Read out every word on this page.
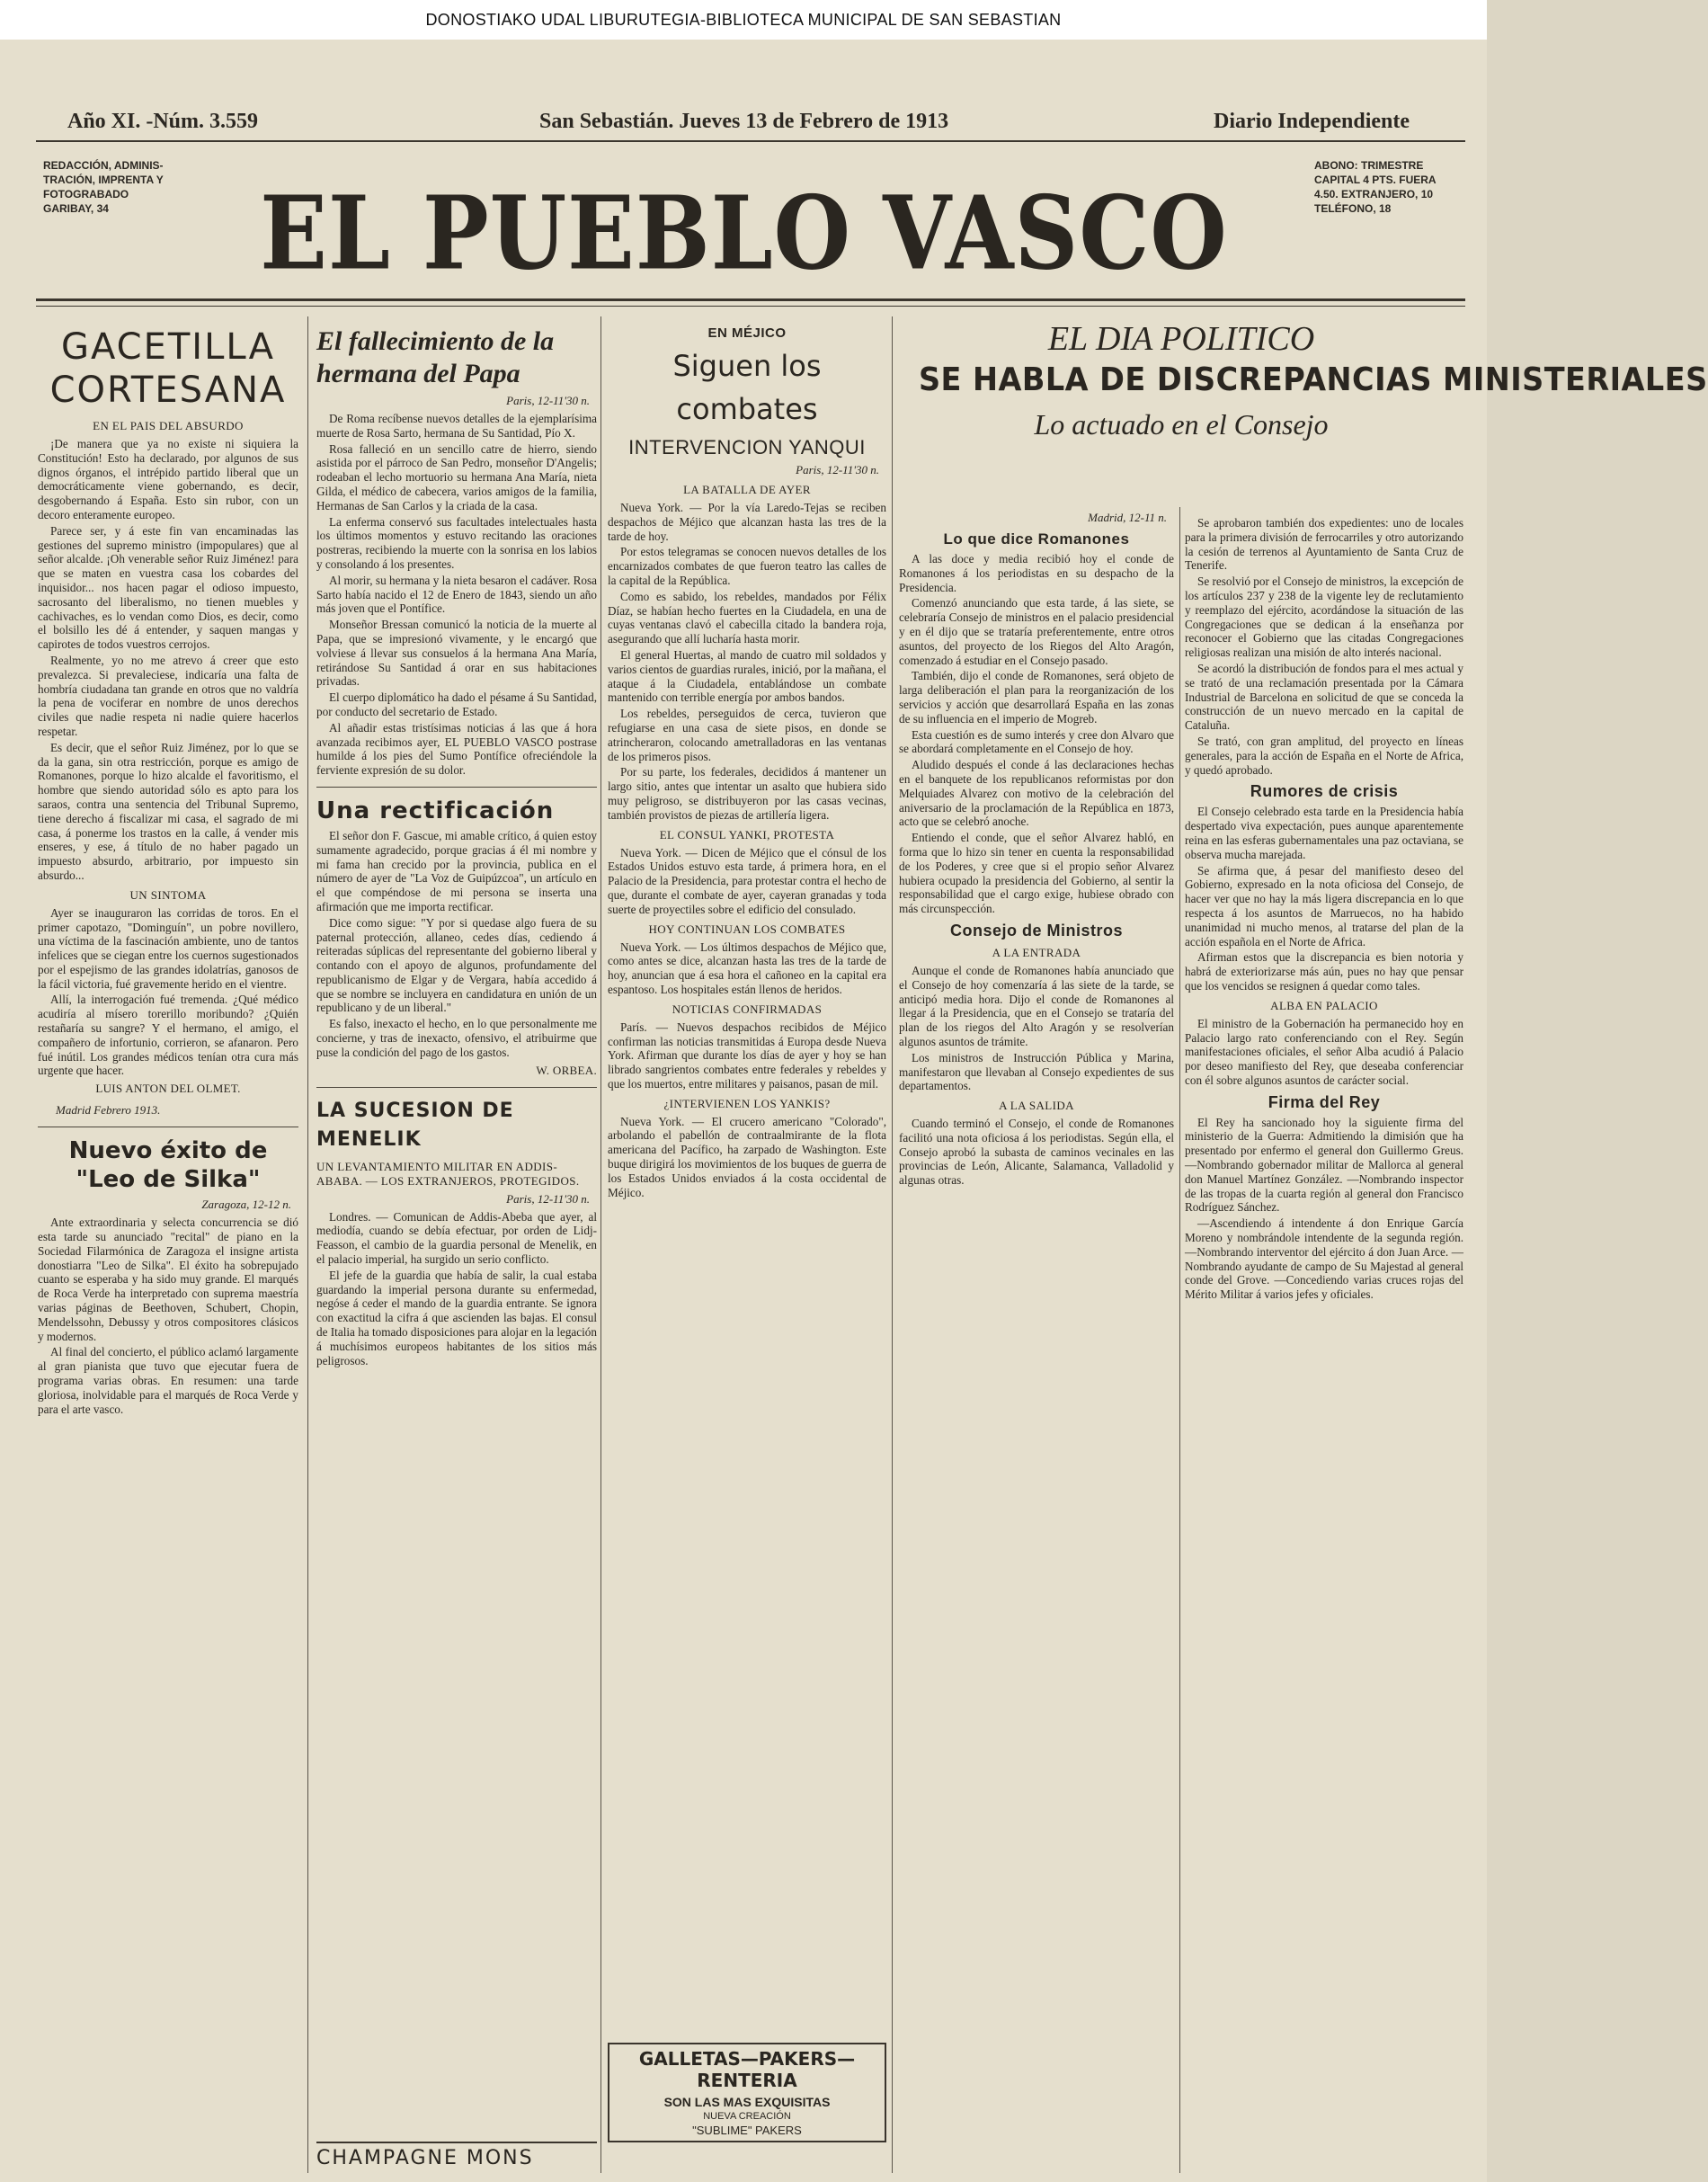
DONOSTIAKO UDAL LIBURUTEGIA-BIBLIOTECA MUNICIPAL DE SAN SEBASTIAN
Año XI. -Núm. 3.559	San Sebastián. Jueves 13 de Febrero de 1913	Diario Independiente
REDACCIÓN, ADMINIS-
TRACIÓN, IMPRENTA Y
FOTOGRABADO
GARIBAY, 34	EL PUEBLO VASCO
ABONO: TRIMESTRE
CAPITAL 4 PTS. FUERA
4.50. EXTRANJERO, 10
TELÉFONO, 18
GACETILLA
CORTESANA
EN EL PAIS DEL ABSURDO

¡De manera que ya no existe ni siquiera la Constitución! Esto ha declarado, por algunos de sus dignos órganos, el intrépido partido liberal que un democráticamente viene gobernando, es decir, desgobernando á España. Esto sin rubor, con un decoro enteramente europeo.

Parece ser, y á este fin van encaminadas las gestiones del supremo ministro (impopulares) que al señor alcalde. ¡Oh venerable señor Ruiz Jiménez! para que se maten en vuestra casa los cobardes del inquisidor... nos hacen pagar el odioso impuesto, sacrosanto del liberalismo, no tienen muebles y cachivaches, es lo vendan como Dios, es decir, como el bolsillo les dé á entender, y saquen mangas y capirotes de todos vuestros cerrojos.

Realmente, yo no me atrevo á creer que esto prevalezca. Si prevaleciese, indicaría una falta de hombría ciudadana tan grande en otros que no valdría la pena de vociferar en nombre de unos derechos civiles que nadie respeta ni nadie quiere hacerlos respetar.

Es decir, que el señor Ruiz Jiménez, por lo que se da la gana, sin otra restricción, porque es amigo de Romanones, porque lo hizo alcalde el favoritismo, el hombre que siendo autoridad sólo es apto para los saraos, contra una sentencia del Tribunal Supremo, tiene derecho á fiscalizar mi casa, el sagrado de mi casa, á ponerme los trastos en la calle, á vender mis enseres, y ese, á título de no haber pagado un impuesto absurdo, arbitrario, por impuesto sin absurdo...

UN SINTOMA

Ayer se inauguraron las corridas de toros. En el primer capotazo, "Dominguín", un pobre novillero, una víctima de la fascinación ambiente, uno de tantos infelices que se ciegan entre los cuernos sugestionados por el espejismo de las grandes idolatrías, ganosos de la fácil victoria, fué gravemente herido en el vientre.

Allí, la interrogación fué tremenda. ¿Qué médico acudiría al mísero torerillo moribundo? ¿Quién restañaría su sangre? Y el hermano, el amigo, el compañero de infortunio, corrieron, se afanaron. Pero fué inútil. Los grandes médicos tenían otra cura más urgente que hacer.

LUIS ANTON DEL OLMET.
Madrid Febrero 1913.
Nuevo éxito de "Leo de Silka"
Zaragoza, 12-12 n.

Ante extraordinaria y selecta concurrencia se dió esta tarde su anunciado "recital" de piano en la Sociedad Filarmónica de Zaragoza el insigne artista donostiarra "Leo de Silka". El éxito ha sobrepujado cuanto se esperaba y ha sido muy grande. El marqués de Roca Verde ha interpretado con suprema maestría varias páginas de Beethoven, Schubert, Chopin, Mendelssohn, Debussy y otros compositores clásicos y modernos.

Al final del concierto, el público aclamó largamente al gran pianista que tuvo que ejecutar fuera de programa varias obras. En resumen: una tarde gloriosa, inolvidable para el marqués de Roca Verde y para el arte vasco.

El fallecimiento de la hermana del Papa
Paris, 12-11'30 n.

De Roma recíbense nuevos detalles de la ejemplarísima muerte de Rosa Sarto, hermana de Su Santidad, Pío X.

Rosa falleció en un sencillo catre de hierro, siendo asistida por el párroco de San Pedro, monseñor D'Angelis; rodeaban el lecho mortuorio su hermana Ana María, nieta Gilda, el médico de cabecera, varios amigos de la familia, Hermanas de San Carlos y la criada de la casa.

La enferma conservó sus facultades intelectuales hasta los últimos momentos y estuvo recitando las oraciones postreras, recibiendo la muerte con la sonrisa en los labios y consolando á los presentes.

Al morir, su hermana y la nieta besaron el cadáver. Rosa Sarto había nacido el 12 de Enero de 1843, siendo un año más joven que el Pontífice.

Monseñor Bressan comunicó la noticia de la muerte al Papa, que se impresionó vivamente, y le encargó que volviese á llevar sus consuelos á la hermana Ana María, retirándose Su Santidad á orar en sus habitaciones privadas.

El cuerpo diplomático ha dado el pésame á Su Santidad, por conducto del secretario de Estado.

Al añadir estas tristísimas noticias á las que á hora avanzada recibimos ayer, EL PUEBLO VASCO postrase humilde á los pies del Sumo Pontífice ofreciéndole la ferviente expresión de su dolor.

Una rectificación

El señor don F. Gascue, mi amable crítico, á quien estoy sumamente agradecido, porque gracias á él mi nombre y mi fama han crecido por la provincia, publica en el número de ayer de "La Voz de Guipúzcoa", un artículo en el que compéndose de mi persona se inserta una afirmación que me importa rectificar.

Dice como sigue: "Y por si quedase algo fuera de su paternal protección, allaneo, cedes días, cediendo á reiteradas súplicas del representante del gobierno liberal y contando con el apoyo de algunos, profundamente del republicanismo de Elgar y de Vergara, había accedido á que se nombre se incluyera en candidatura en unión de un republicano y de un liberal."

Es falso, inexacto el hecho, en lo que personalmente me concierne, y tras de inexacto, ofensivo, el atribuirme que puse la condición del pago de los gastos.

W. ORBEA.
LA SUCESION DE MENELIK
UN LEVANTAMIENTO MILITAR EN ADDIS-ABABA. — LOS EXTRANJEROS, PROTEGIDOS.
Paris, 12-11'30 n.

Londres. — Comunican de Addis-Abeba que ayer, al mediodía, cuando se debía efectuar, por orden de Lidj-Feasson, el cambio de la guardia personal de Menelik, en el palacio imperial, ha surgido un serio conflicto.

El jefe de la guardia que había de salir, la cual estaba guardando la imperial persona durante su enfermedad, negóse á ceder el mando de la guardia entrante. Se ignora con exactitud la cifra á que ascienden las bajas. El consul de Italia ha tomado disposiciones para alojar en la legación á muchísimos europeos habitantes de los sitios más peligrosos.

CHAMPAGNE MONS
EN MÉJICO
Siguen los combates
INTERVENCION YANQUI
Paris, 12-11'30 n.
LA BATALLA DE AYER

Nueva York. — Por la vía Laredo-Tejas se reciben despachos de Méjico que alcanzan hasta las tres de la tarde de hoy.

Por estos telegramas se conocen nuevos detalles de los encarnizados combates de que fueron teatro las calles de la capital de la República.

Como es sabido, los rebeldes, mandados por Félix Díaz, se habían hecho fuertes en la Ciudadela, en una de cuyas ventanas clavó el cabecilla citado la bandera roja, asegurando que allí lucharía hasta morir.

El general Huertas, al mando de cuatro mil soldados y varios cientos de guardias rurales, inició, por la mañana, el ataque á la Ciudadela, entablándose un combate mantenido con terrible energía por ambos bandos.

Los rebeldes, perseguidos de cerca, tuvieron que refugiarse en una casa de siete pisos, en donde se atrincheraron, colocando ametralladoras en las ventanas de los primeros pisos.

Por su parte, los federales, decididos á mantener un largo sitio, antes que intentar un asalto que hubiera sido muy peligroso, se distribuyeron por las casas vecinas, también provistos de piezas de artillería ligera.

EL CONSUL YANKI, PROTESTA

Nueva York. — Dicen de Méjico que el cónsul de los Estados Unidos estuvo esta tarde, á primera hora, en el Palacio de la Presidencia, para protestar contra el hecho de que, durante el combate de ayer, cayeran granadas y toda suerte de proyectiles sobre el edificio del consulado.

HOY CONTINUAN LOS COMBATES

Nueva York. — Los últimos despachos de Méjico que, como antes se dice, alcanzan hasta las tres de la tarde de hoy, anuncian que á esa hora el cañoneo en la capital era espantoso. Los hospitales están llenos de heridos.

NOTICIAS CONFIRMADAS

París. — Nuevos despachos recibidos de Méjico confirman las noticias transmitidas á Europa desde Nueva York. Afirman que durante los días de ayer y hoy se han librado sangrientos combates entre federales y rebeldes y que los muertos, entre militares y paisanos, pasan de mil.

¿INTERVIENEN LOS YANKIS?

Nueva York. — El crucero americano "Colorado", arbolando el pabellón de contraalmirante de la flota americana del Pacífico, ha zarpado de Washington. Este buque dirigirá los movimientos de los buques de guerra de los Estados Unidos enviados á la costa occidental de Méjico.

GALLETAS—PAKERS—RENTERIA
SON LAS MAS EXQUISITAS
NUEVA CREACIÓN
"SUBLIME" PAKERS
EL DIA POLITICO
SE HABLA DE DISCREPANCIAS MINISTERIALES
Lo actuado en el Consejo
Madrid, 12-11 n.
Lo que dice Romanones

A las doce y media recibió hoy el conde de Romanones á los periodistas en su despacho de la Presidencia.

Comenzó anunciando que esta tarde, á las siete, se celebraría Consejo de ministros en el palacio presidencial y en él dijo que se trataría preferentemente, entre otros asuntos, del proyecto de los Riegos del Alto Aragón, comenzado á estudiar en el Consejo pasado.

También, dijo el conde de Romanones, será objeto de larga deliberación el plan para la reorganización de los servicios y acción que desarrollará España en las zonas de su influencia en el imperio de Mogreb.

Esta cuestión es de sumo interés y cree don Alvaro que se abordará completamente en el Consejo de hoy.

Aludido después el conde á las declaraciones hechas en el banquete de los republicanos reformistas por don Melquiades Alvarez con motivo de la celebración del aniversario de la proclamación de la República en 1873, acto que se celebró anoche.

Entiendo el conde, que el señor Alvarez habló, en forma que lo hizo sin tener en cuenta la responsabilidad de los Poderes, y cree que si el propio señor Alvarez hubiera ocupado la presidencia del Gobierno, al sentir la responsabilidad que el cargo exige, hubiese obrado con más circunspección.

Consejo de Ministros
A LA ENTRADA

Aunque el conde de Romanones había anunciado que el Consejo de hoy comenzaría á las siete de la tarde, se anticipó media hora. Dijo el conde de Romanones al llegar á la Presidencia, que en el Consejo se trataría del plan de los riegos del Alto Aragón y se resolverían algunos asuntos de trámite.

Los ministros de Instrucción Pública y Marina, manifestaron que llevaban al Consejo expedientes de sus departamentos.

A LA SALIDA

Cuando terminó el Consejo, el conde de Romanones facilitó una nota oficiosa á los periodistas. Según ella, el Consejo aprobó la subasta de caminos vecinales en las provincias de León, Alicante, Salamanca, Valladolid y algunas otras.

Se aprobaron también dos expedientes: uno de locales para la primera división de ferrocarriles y otro autorizando la cesión de terrenos al Ayuntamiento de Santa Cruz de Tenerife.

Se resolvió por el Consejo de ministros, la excepción de los artículos 237 y 238 de la vigente ley de reclutamiento y reemplazo del ejército, acordándose la situación de las Congregaciones que se dedican á la enseñanza por reconocer el Gobierno que las citadas Congregaciones religiosas realizan una misión de alto interés nacional.

Se acordó la distribución de fondos para el mes actual y se trató de una reclamación presentada por la Cámara Industrial de Barcelona en solicitud de que se conceda la construcción de un nuevo mercado en la capital de Cataluña.

Se trató, con gran amplitud, del proyecto en líneas generales, para la acción de España en el Norte de Africa, y quedó aprobado.

Rumores de crisis

El Consejo celebrado esta tarde en la Presidencia había despertado viva expectación, pues aunque aparentemente reina en las esferas gubernamentales una paz octaviana, se observa mucha marejada.

Se afirma que, á pesar del manifiesto deseo del Gobierno, expresado en la nota oficiosa del Consejo, de hacer ver que no hay la más ligera discrepancia en lo que respecta á los asuntos de Marruecos, no ha habido unanimidad ni mucho menos, al tratarse del plan de la acción española en el Norte de Africa.

Afirman estos que la discrepancia es bien notoria y habrá de exteriorizarse más aún, pues no hay que pensar que los vencidos se resignen á quedar como tales.

ALBA EN PALACIO

El ministro de la Gobernación ha permanecido hoy en Palacio largo rato conferenciando con el Rey. Según manifestaciones oficiales, el señor Alba acudió á Palacio por deseo manifiesto del Rey, que deseaba conferenciar con él sobre algunos asuntos de carácter social.

Firma del Rey

El Rey ha sancionado hoy la siguiente firma del ministerio de la Guerra: Admitiendo la dimisión que ha presentado por enfermo el general don Guillermo Greus. —Nombrando gobernador militar de Mallorca al general don Manuel Martínez González. —Nombrando inspector de las tropas de la cuarta región al general don Francisco Rodríguez Sánchez.

—Ascendiendo á intendente á don Enrique García Moreno y nombrándole intendente de la segunda región. —Nombrando interventor del ejército á don Juan Arce. —Nombrando ayudante de campo de Su Majestad al general conde del Grove. —Concediendo varias cruces rojas del Mérito Militar á varios jefes y oficiales.
